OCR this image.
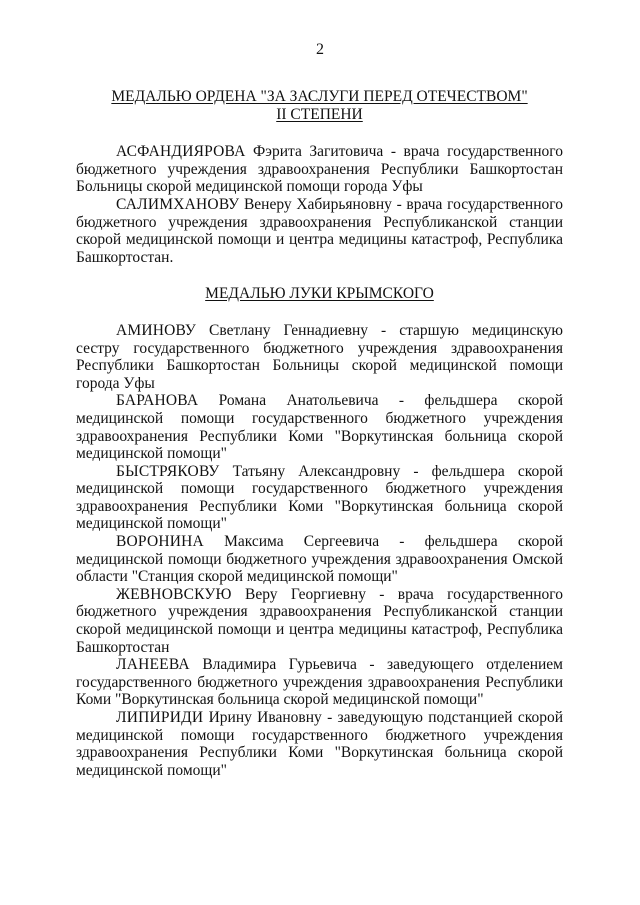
2
МЕДАЛЬЮ ОРДЕНА "ЗА ЗАСЛУГИ ПЕРЕД ОТЕЧЕСТВОМ"
II СТЕПЕНИ

АСФАНДИЯРОВА Фэрита Загитовича - врача государственного бюджетного учреждения здравоохранения Республики Башкортостан Больницы скорой медицинской помощи города Уфы

САЛИМХАНОВУ Венеру Хабирьяновну - врача государственного бюджетного учреждения здравоохранения Республиканской станции скорой медицинской помощи и центра медицины катастроф, Республика Башкортостан.

МЕДАЛЬЮ ЛУКИ КРЫМСКОГО

АМИНОВУ Светлану Геннадиевну - старшую медицинскую сестру государственного бюджетного учреждения здравоохранения Республики Башкортостан Больницы скорой медицинской помощи города Уфы

БАРАНОВА Романа Анатольевича - фельдшера скорой медицинской помощи государственного бюджетного учреждения здравоохранения Республики Коми "Воркутинская больница скорой медицинской помощи"

БЫСТРЯКОВУ Татьяну Александровну - фельдшера скорой медицинской помощи государственного бюджетного учреждения здравоохранения Республики Коми "Воркутинская больница скорой медицинской помощи"

ВОРОНИНА Максима Сергеевича - фельдшера скорой медицинской помощи бюджетного учреждения здравоохранения Омской области "Станция скорой медицинской помощи"

ЖЕВНОВСКУЮ Веру Георгиевну - врача государственного бюджетного учреждения здравоохранения Республиканской станции скорой медицинской помощи и центра медицины катастроф, Республика Башкортостан

ЛАНЕЕВА Владимира Гурьевича - заведующего отделением государственного бюджетного учреждения здравоохранения Республики Коми "Воркутинская больница скорой медицинской помощи"

ЛИПИРИДИ Ирину Ивановну - заведующую подстанцией скорой медицинской помощи государственного бюджетного учреждения здравоохранения Республики Коми "Воркутинская больница скорой медицинской помощи"
